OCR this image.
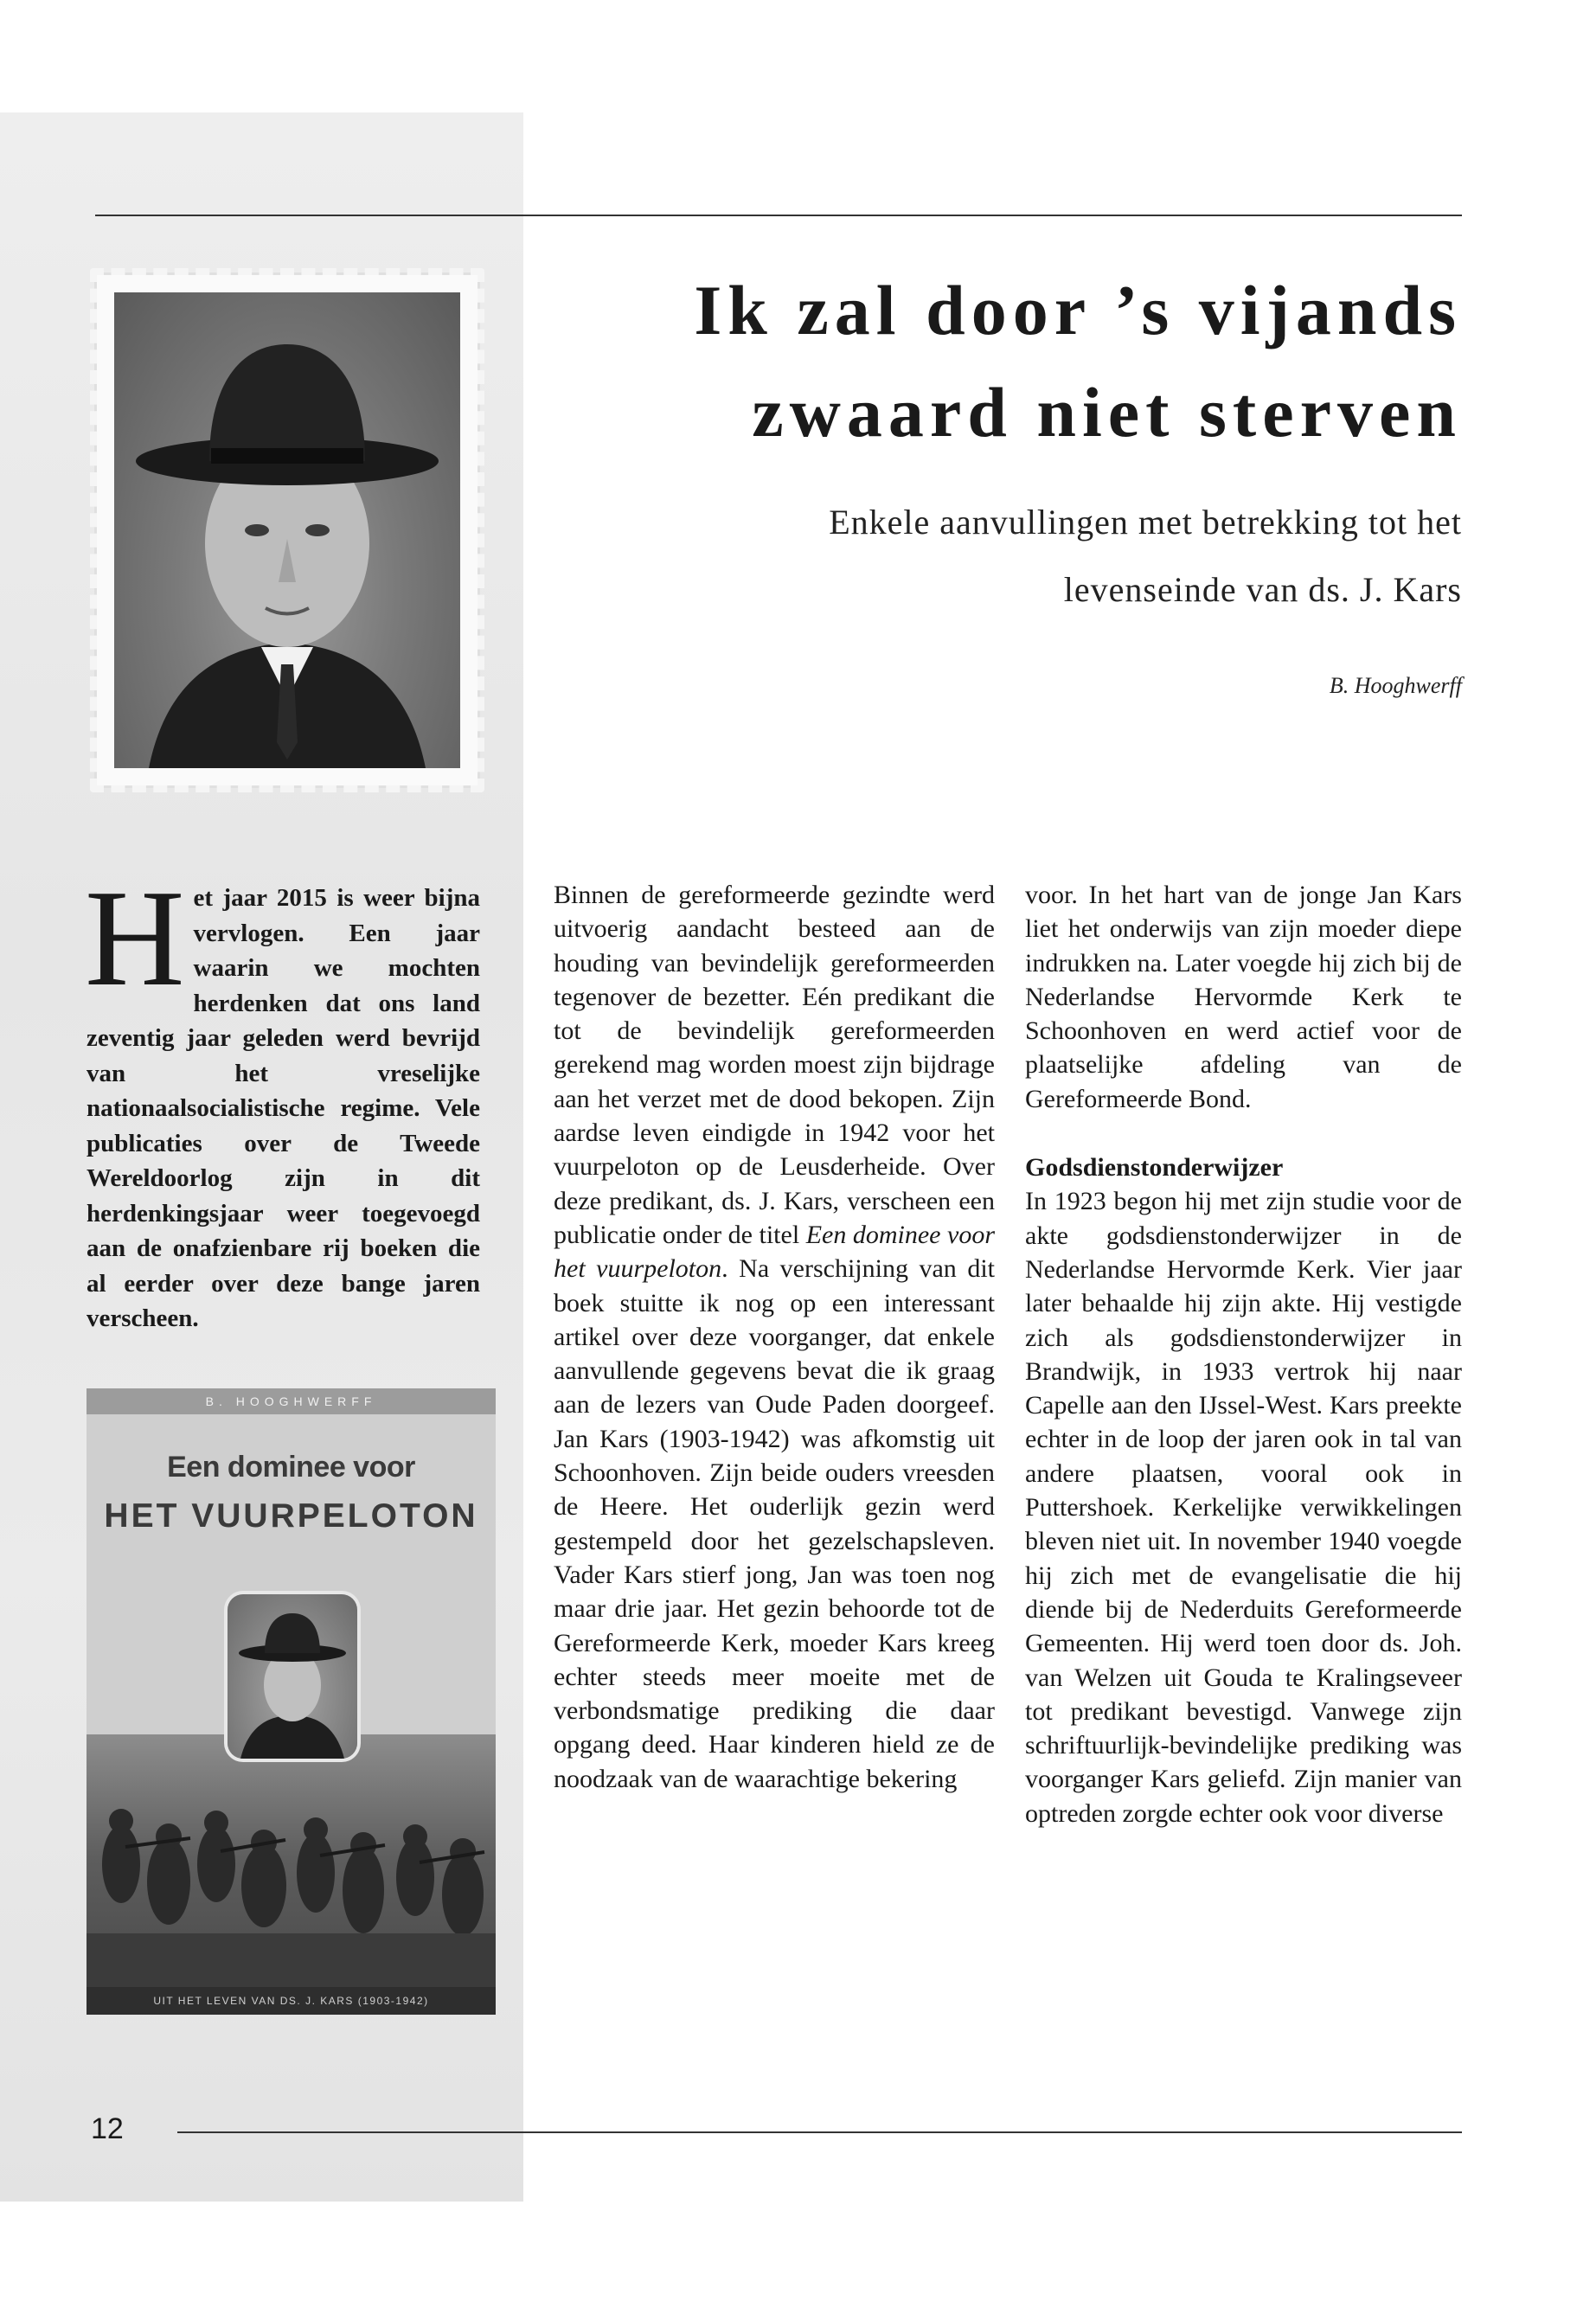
Ik zal door ’s vijands
zwaard niet sterven
Enkele aanvullingen met betrekking tot het
levenseinde van ds. J. Kars
B. Hooghwerff
H et jaar 2015 is weer bijna vervlogen. Een jaar waarin we mochten herdenken dat ons land zeventig jaar geleden werd bevrijd van het vreselijke nationaalsocialistische regime. Vele publicaties over de Tweede Wereldoorlog zijn in dit herdenkingsjaar weer toegevoegd aan de onafzienbare rij boeken die al eerder over deze bange jaren verscheen.
B. HOOGHWERFF
Een dominee voor
HET VUURPELOTON
UIT HET LEVEN VAN DS. J. KARS (1903-1942)

Binnen de gereformeerde gezindte werd uitvoerig aandacht besteed aan de houding van bevindelijk gereformeerden tegenover de bezetter. Eén predikant die tot de bevindelijk gereformeerden gerekend mag worden moest zijn bijdrage aan het verzet met de dood bekopen. Zijn aardse leven eindigde in 1942 voor het vuurpeloton op de Leusderheide. Over deze predikant, ds. J. Kars, verscheen een publicatie onder de titel Een dominee voor het vuurpeloton. Na verschijning van dit boek stuitte ik nog op een interessant artikel over deze voorganger, dat enkele aanvullende gegevens bevat die ik graag aan de lezers van Oude Paden doorgeef. Jan Kars (1903-1942) was afkomstig uit Schoonhoven. Zijn beide ouders vreesden de Heere. Het ouderlijk gezin werd gestempeld door het gezelschapsleven. Vader Kars stierf jong, Jan was toen nog maar drie jaar. Het gezin behoorde tot de Gereformeerde Kerk, moeder Kars kreeg echter steeds meer moeite met de verbondsmatige prediking die daar opgang deed. Haar kinderen hield ze de noodzaak van de waarachtige bekering

voor. In het hart van de jonge Jan Kars liet het onderwijs van zijn moeder diepe indrukken na. Later voegde hij zich bij de Nederlandse Hervormde Kerk te Schoonhoven en werd actief voor de plaatselijke afdeling van de Gereformeerde Bond.

Godsdienstonderwijzer

In 1923 begon hij met zijn studie voor de akte godsdienstonderwijzer in de Nederlandse Hervormde Kerk. Vier jaar later behaalde hij zijn akte. Hij vestigde zich als godsdienstonderwijzer in Brandwijk, in 1933 vertrok hij naar Capelle aan den IJssel-West. Kars preekte echter in de loop der jaren ook in tal van andere plaatsen, vooral ook in Puttershoek. Kerkelijke verwikkelingen bleven niet uit. In november 1940 voegde hij zich met de evangelisatie die hij diende bij de Nederduits Gereformeerde Gemeenten. Hij werd toen door ds. Joh. van Welzen uit Gouda te Kralingseveer tot predikant bevestigd. Vanwege zijn schriftuurlijk-bevindelijke prediking was voorganger Kars geliefd. Zijn manier van optreden zorgde echter ook voor diverse

12
